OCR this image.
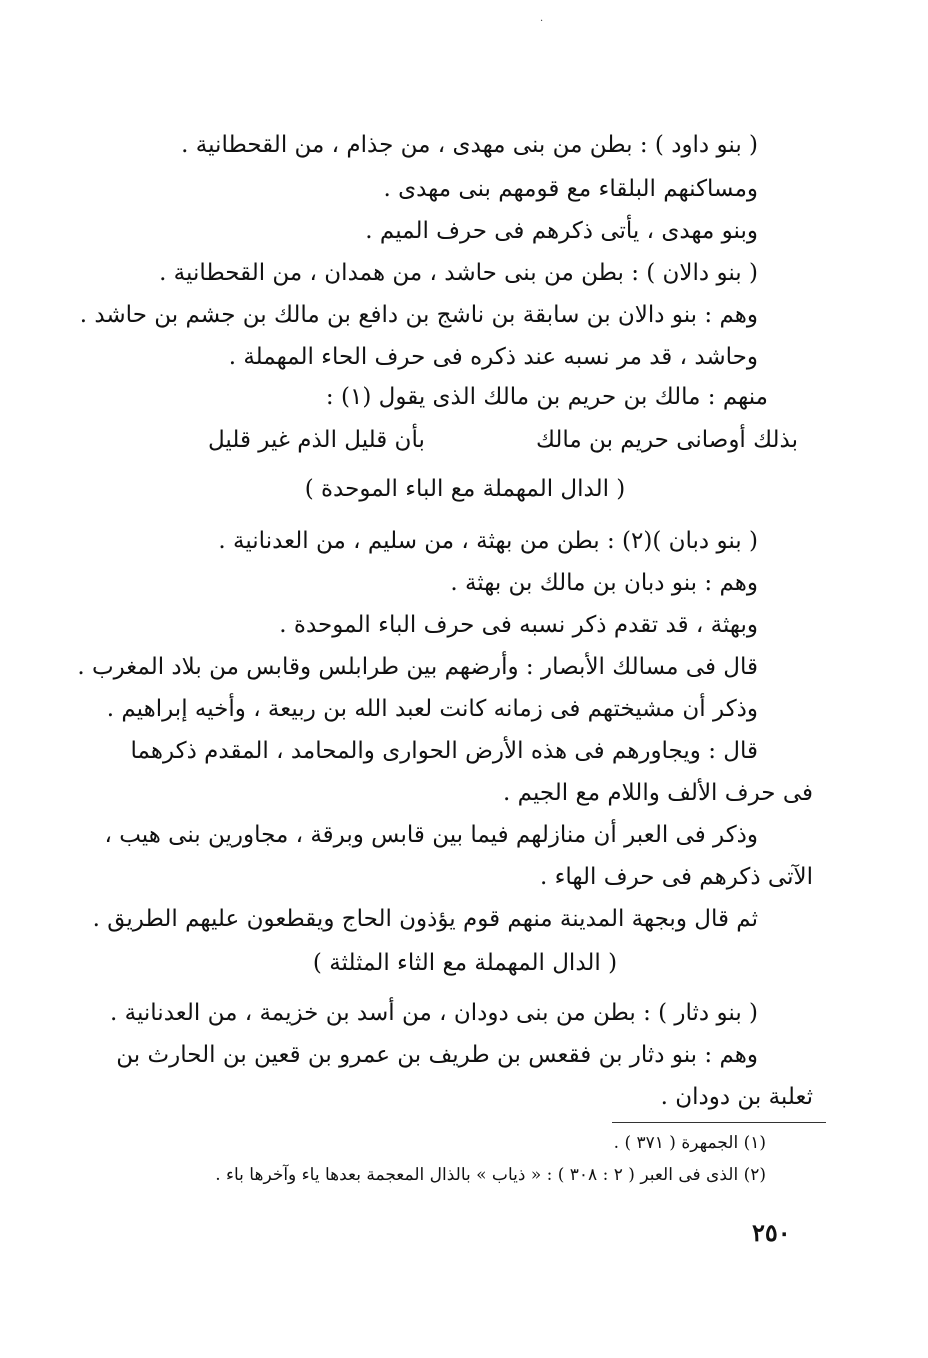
·
( بنو داود ) : بطن من بنى مهدى ، من جذام ، من القحطانية .
ومساكنهم البلقاء مع قومهم بنى مهدى .
وبنو مهدى ، يأتى ذكرهم فى حرف الميم .
( بنو دالان ) : بطن من بنى حاشد ، من همدان ، من القحطانية .
وهم : بنو دالان بن سابقة بن ناشج بن دافع بن مالك بن جشم بن حاشد .
وحاشد ، قد مر نسبه عند ذكره فى حرف الحاء المهملة .
منهم : مالك بن حريم بن مالك الذى يقول (١) :
بذلك أوصانى حريم بن مالك
بأن قليل الذم غير قليل
( الدال المهملة مع الباء الموحدة )
( بنو دبان )(٢) : بطن من بهثة ، من سليم ، من العدنانية .
وهم : بنو دبان بن مالك بن بهثة .
وبهثة ، قد تقدم ذكر نسبه فى حرف الباء الموحدة .
قال فى مسالك الأبصار : وأرضهم بين طرابلس وقابس من بلاد المغرب .
وذكر أن مشيختهم فى زمانه كانت لعبد الله بن ربيعة ، وأخيه إبراهيم .
قال : ويجاورهم فى هذه الأرض الحوارى والمحامد ، المقدم ذكرهما
فى حرف الألف واللام مع الجيم .
وذكر فى العبر أن منازلهم فيما بين قابس وبرقة ، مجاورين بنى هيب ،
الآتى ذكرهم فى حرف الهاء .
ثم قال وبجهة المدينة منهم قوم يؤذون الحاج ويقطعون عليهم الطريق .
( الدال المهملة مع الثاء المثلثة )
( بنو دثار ) : بطن من بنى دودان ، من أسد بن خزيمة ، من العدنانية .
وهم : بنو دثار بن فقعس بن طريف بن عمرو بن قعين بن الحارث بن
ثعلبة بن دودان .
(١) الجمهرة ( ٣٧١ ) .
(٢) الذى فى العبر ( ٢ : ٣٠٨ ) : « ذياب » بالذال المعجمة بعدها ياء وآخرها باء .
٢٥٠
